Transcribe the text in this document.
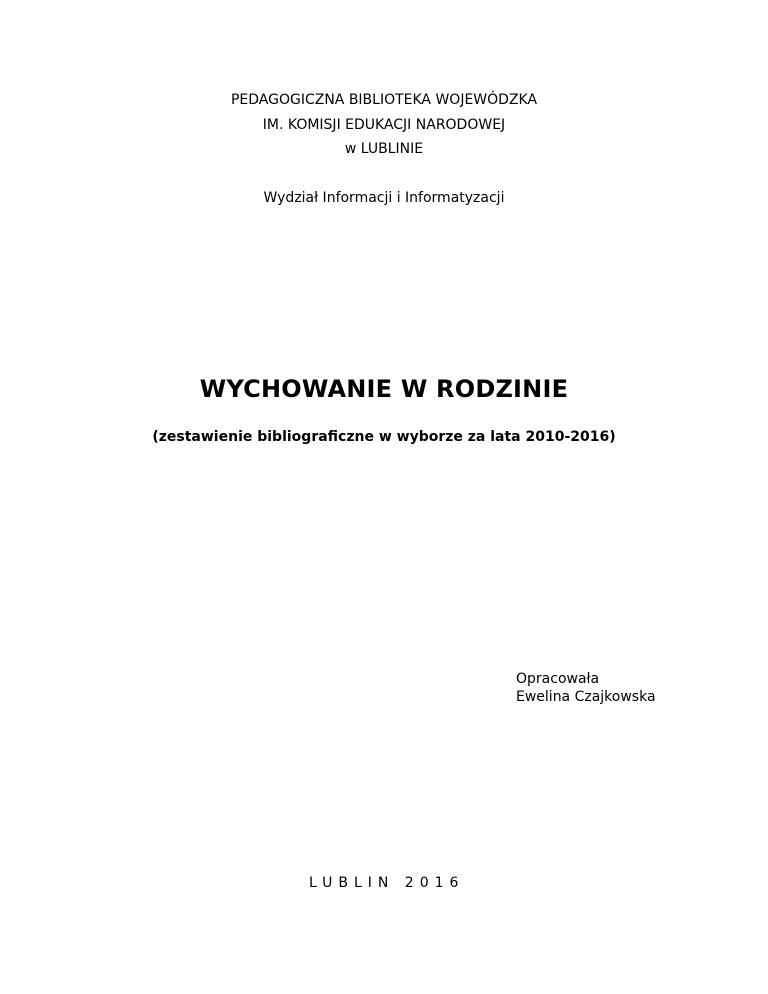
PEDAGOGICZNA BIBLIOTEKA WOJEWÓDZKA
IM. KOMISJI EDUKACJI NARODOWEJ
w LUBLINIE
Wydział Informacji i Informatyzacji
WYCHOWANIE W RODZINIE
(zestawienie bibliograficzne w wyborze za lata 2010-2016)
Opracowała
Ewelina Czajkowska
LUBLIN 2016
